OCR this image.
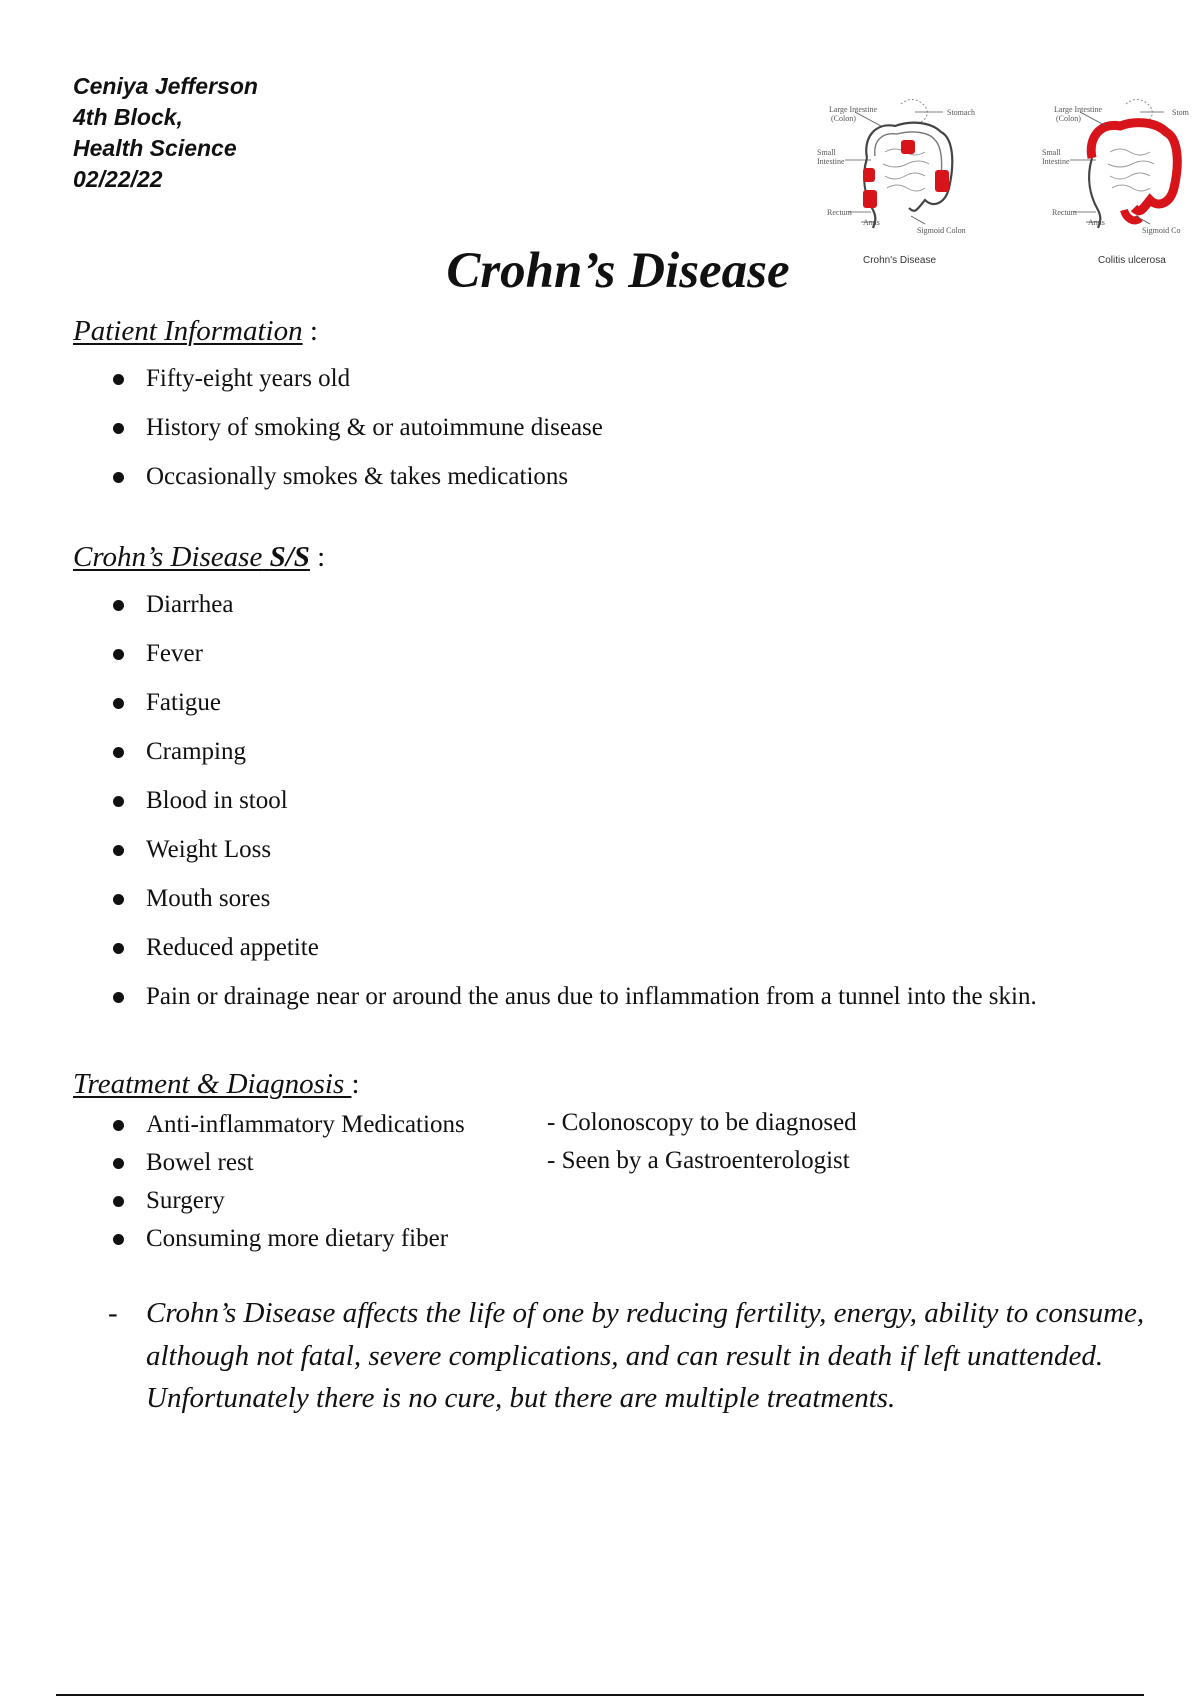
Ceniya Jefferson
4th Block,
Health Science
02/22/22
Large Intestine
(Colon)
Stomach
Small
Intestine
Rectum
Anus
Sigmoid Colon
Crohn's Disease
Large Intestine
(Colon)
Stom
Small
Intestine
Rectum
Anus
Sigmoid Co
Colitis ulcerosa
Crohn’s Disease
Patient Information :
Fifty-eight years old
History of smoking & or autoimmune disease
Occasionally smokes & takes medications
Crohn’s Disease S/S :
Diarrhea
Fever
Fatigue
Cramping
Blood in stool
Weight Loss
Mouth sores
Reduced appetite
Pain or drainage near or around the anus due to inflammation from a tunnel into the skin.
Treatment & Diagnosis :
Anti-inflammatory Medications
Bowel rest
Surgery
Consuming more dietary fiber
- Colonoscopy to be diagnosed
- Seen by a Gastroenterologist
- Crohn’s Disease affects the life of one by reducing fertility, energy, ability to consume, although not fatal, severe complications, and can result in death if left unattended. Unfortunately there is no cure, but there are multiple treatments.
